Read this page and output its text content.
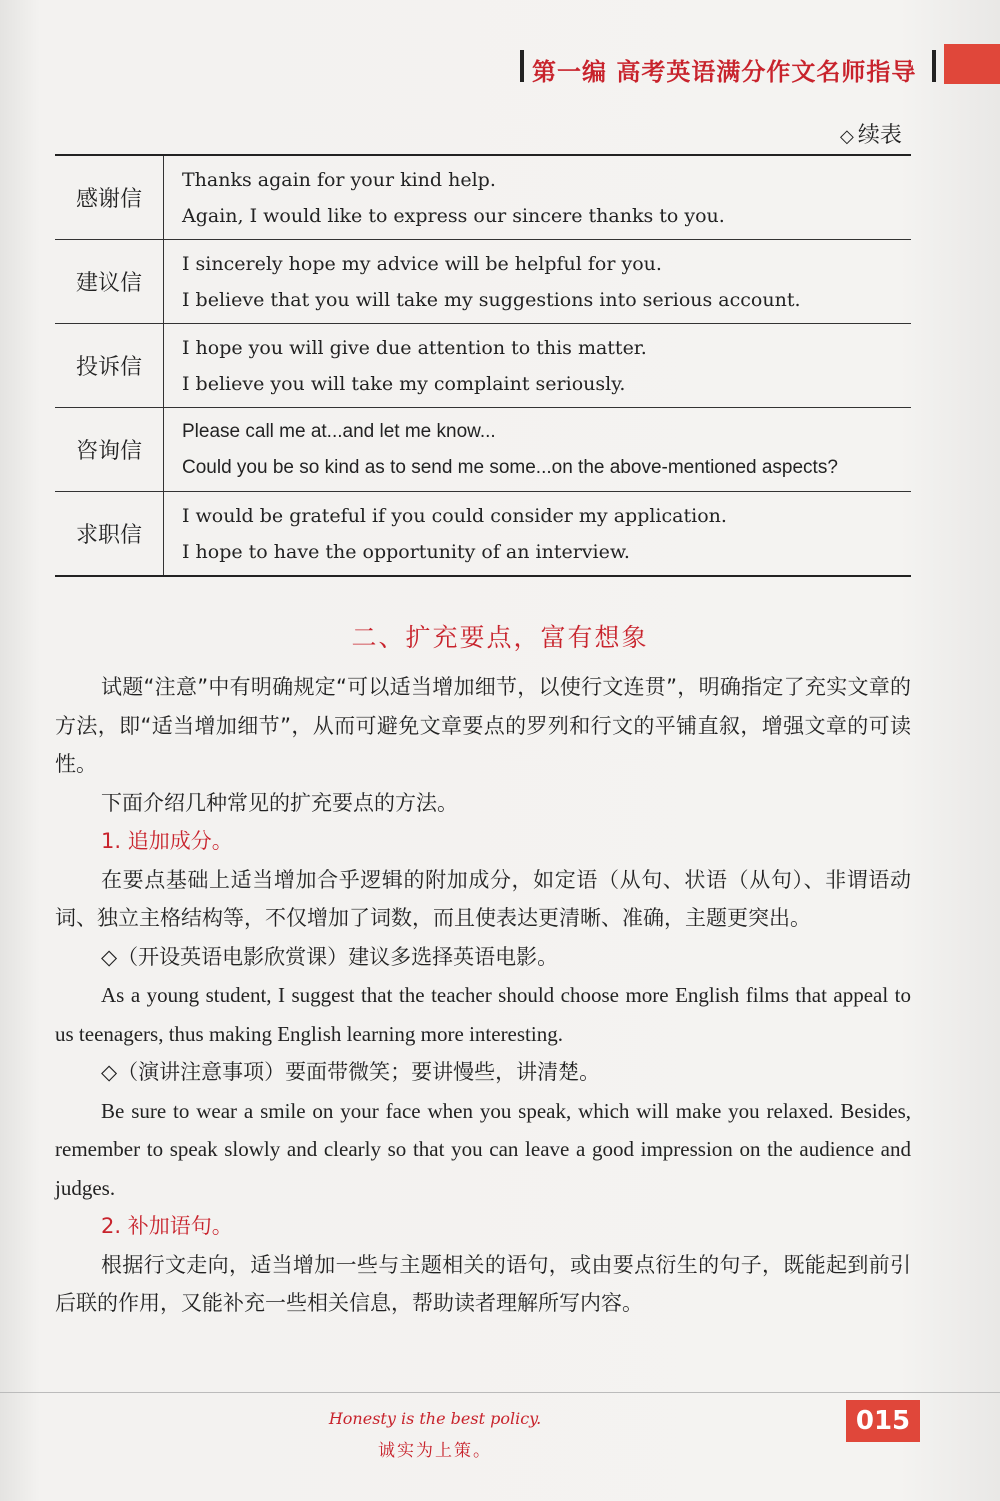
第一编 高考英语满分作文名师指导
◇ 续表
感谢信	Thanks again for your kind help.
Again, I would like to express our sincere thanks to you.

建议信	I sincerely hope my advice will be helpful for you.
I believe that you will take my suggestions into serious account.

投诉信	I hope you will give due attention to this matter.
I believe you will take my complaint seriously.

咨询信	Please call me at...and let me know...
Could you be so kind as to send me some...on the above-mentioned aspects?

求职信	I would be grateful if you could consider my application.
I hope to have the opportunity of an interview.
二、扩充要点，富有想象

试题“注意”中有明确规定“可以适当增加细节，以使行文连贯”，明确指定了充实文章的方法，即“适当增加细节”，从而可避免文章要点的罗列和行文的平铺直叙，增强文章的可读性。

下面介绍几种常见的扩充要点的方法。

1. 追加成分。

在要点基础上适当增加合乎逻辑的附加成分，如定语（从句、状语（从句）、非谓语动词、独立主格结构等，不仅增加了词数，而且使表达更清晰、准确，主题更突出。

◇（开设英语电影欣赏课）建议多选择英语电影。

As a young student, I suggest that the teacher should choose more English films that appeal to us teenagers, thus making English learning more interesting.

◇（演讲注意事项）要面带微笑；要讲慢些，讲清楚。

Be sure to wear a smile on your face when you speak, which will make you relaxed. Besides, remember to speak slowly and clearly so that you can leave a good impression on the audience and judges.

2. 补加语句。

根据行文走向，适当增加一些与主题相关的语句，或由要点衍生的句子，既能起到前引后联的作用，又能补充一些相关信息，帮助读者理解所写内容。

Honesty is the best policy.
诚实为上策。
015
